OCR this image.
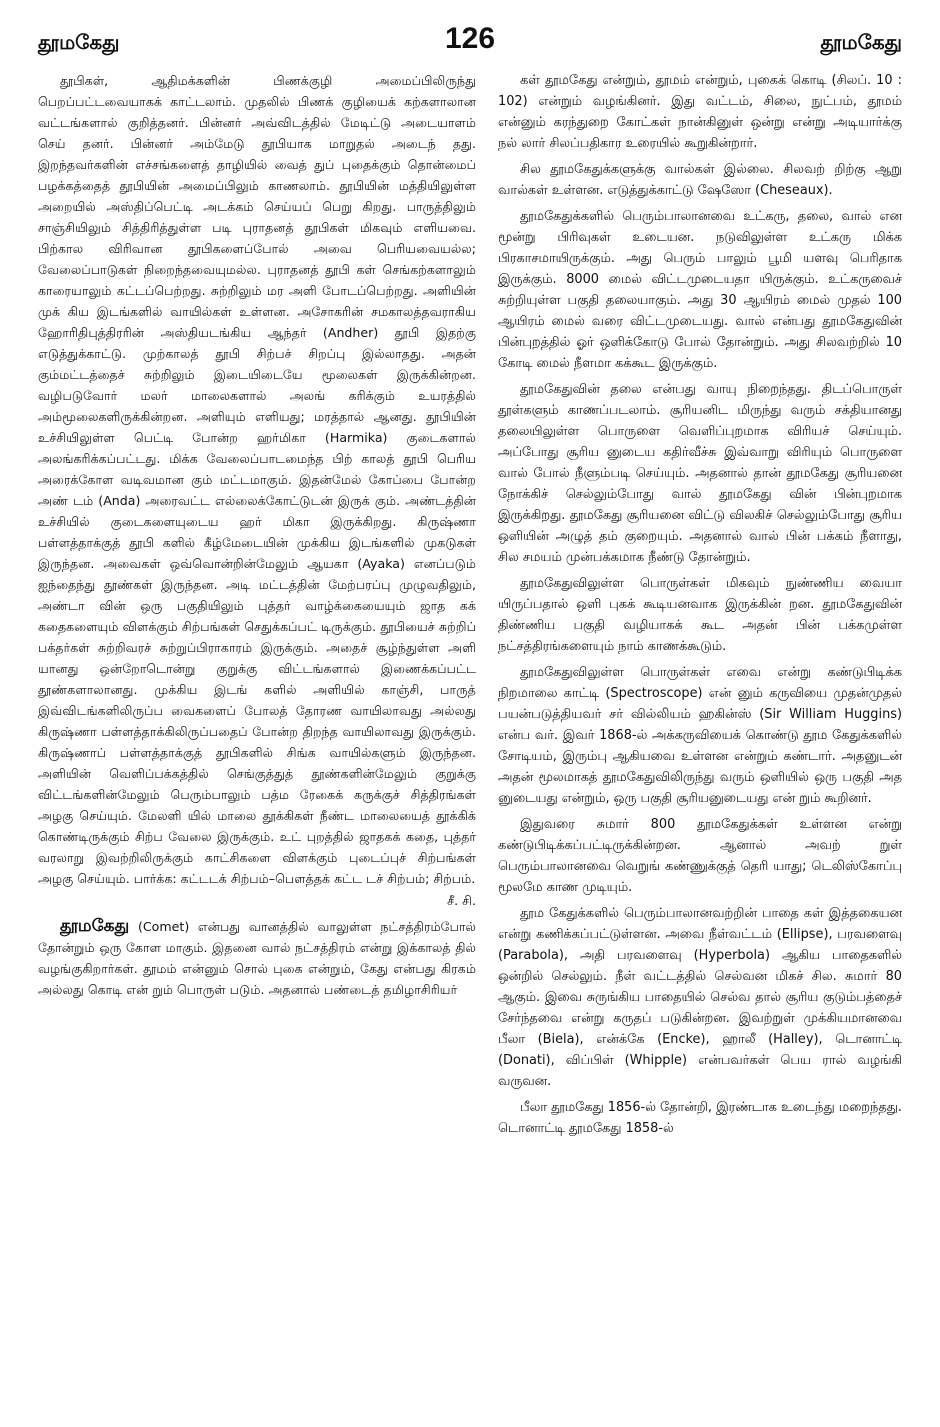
தூமகேது	126	தூமகேது

தூபிகள், ஆதிமக்களின் பிணக்குழி அமைப்பிலிருந்து பெறப்பட்டவையாகக் காட்டலாம். முதலில் பிணக் குழியைக் கற்களாலான வட்டங்களால் குறித்தனர். பின்னர் அவ்விடத்தில் மேடிட்டு அடையாளம் செய் தனர். பின்னர் அம்மேடு தூபியாக மாறுதல் அடைந் தது. இறந்தவர்களின் எச்சங்களைத் தாழியில் வைத் துப் புதைக்கும் தொன்மைப் பழக்கத்தைத் தூபியின் அமைப்பிலும் காணலாம். தூபியின் மத்தியிலுள்ள அறையில் அஸ்திப்பெட்டி அடக்கம் செய்யப் பெறு கிறது. பாருத்திலும் சாஞ்சியிலும் சித்திரித்துள்ள படி புராதனத் தூபிகள் மிகவும் எளியவை. பிற்கால விரிவான தூபிகளைப்போல் அவை பெரியவையல்ல; வேலைப்பாடுகள் நிறைந்தவையுமல்ல. புராதனத் தூபி கள் செங்கற்களாலும் காரையாலும் கட்டப்பெற்றது. சுற்றிலும் மர அளி போடப்பெற்றது. அளியின் முக் கிய இடங்களில் வாயில்கள் உள்ளன. அசோகரின் சமகாலத்தவராகிய ஹோரிதிபுத்திரரின் அஸ்தியடங்கிய ஆந்தர் (Andher) தூபி இதற்கு எடுத்துக்காட்டு. முற்காலத் தூபி சிற்பச் சிறப்பு இல்லாதது. அதன் கும்மட்டத்தைச் சுற்றிலும் இடையிடையே மூலைகள் இருக்கின்றன. வழிபடுவோர் மலர் மாலைகளால் அலங் கரிக்கும் உயரத்தில் அம்மூலைகளிருக்கின்றன. அளியும் எளியது; மரத்தால் ஆனது. தூபியின் உச்சியிலுள்ள பெட்டி போன்ற ஹர்மிகா (Harmika) குடைகளால் அலங்கரிக்கப்பட்டது. மிக்க வேலைப்பாடமைந்த பிற் காலத் தூபி பெரிய அரைக்கோள வடிவமான கும் மட்டமாகும். இதன்மேல் கோப்பை போன்ற அண் டம் (Anda) அரைவட்ட எல்லைக்கோட்டுடன் இருக் கும். அண்டத்தின் உச்சியில் குடைகளையுடைய ஹர் மிகா இருக்கிறது. கிருஷ்ணா பள்ளத்தாக்குத் தூபி களில் கீழ்மேடையின் முக்கிய இடங்களில் முகடுகள் இருந்தன. அவைகள் ஒவ்வொன்றின்மேலும் ஆயகா (Ayaka) எனப்படும் ஐந்தைந்து தூண்கள் இருந்தன. அடி மட்டத்தின் மேற்பரப்பு முழுவதிலும், அண்டா வின் ஒரு பகுதியிலும் புத்தர் வாழ்க்கையையும் ஜாத கக் கதைகளையும் விளக்கும் சிற்பங்கள் செதுக்கப்பட் டிருக்கும். தூபியைச் சுற்றிப் பக்தர்கள் சுற்றிவரச் சுற்றுப்பிராகாரம் இருக்கும். அதைச் சூழ்ந்துள்ள அளி யானது ஒன்றோடொன்று குறுக்கு விட்டங்களால் இணைக்கப்பட்ட தூண்களாலானது. முக்கிய இடங் களில் அளியில் காஞ்சி, பாருத் இவ்விடங்களிலிருப்ப வைகளைப் போலத் தோரண வாயிலாவது அல்லது கிருஷ்ணா பள்ளத்தாக்கிலிருப்பதைப் போன்ற திறந்த வாயிலாவது இருக்கும். கிருஷ்ணாப் பள்ளத்தாக்குத் தூபிகளில் சிங்க வாயில்களும் இருந்தன. அளியின் வெளிப்பக்கத்தில் செங்குத்துத் தூண்களின்மேலும் குறுக்கு விட்டங்களின்மேலும் பெரும்பாலும் பத்ம ரேகைக் கருக்குச் சித்திரங்கள் அழகு செய்யும். மேலளி யில் மாலை தூக்கிகள் நீண்ட மாலையைத் தூக்கிக் கொண்டிருக்கும் சிற்ப வேலை இருக்கும். உட் புறத்தில் ஜாதகக் கதை, புத்தர் வரலாறு இவற்றிலிருக்கும் காட்சிகளை விளக்கும் புடைப்புச் சிற்பங்கள் அழகு செய்யும். பார்க்க: கட்டடக் சிற்பம்–பௌத்தக் கட்ட டச் சிற்பம்; சிற்பம்.

சீ. சி.

தூமகேது (Comet) என்பது வானத்தில் வாலுள்ள நட்சத்திரம்போல் தோன்றும் ஒரு கோள மாகும். இதனை வால் நட்சத்திரம் என்று இக்காலத் தில் வழங்குகிறார்கள். தூமம் என்னும் சொல் புகை என்றும், கேது என்பது கிரகம் அல்லது கொடி என் றும் பொருள் படும். அதனால் பண்டைத் தமிழாசிரியர்

கள் தூமகேது என்றும், தூமம் என்றும், புகைக் கொடி (சிலப். 10 : 102) என்றும் வழங்கினர். இது வட்டம், சிலை, நுட்பம், தூமம் என்னும் கரந்துறை கோட்கள் நான்கினுள் ஒன்று என்று அடியார்க்கு நல் லார் சிலப்பதிகார உரையில் கூறுகின்றார்.

சில தூமகேதுக்களுக்கு வால்கள் இல்லை. சிலவற் றிற்கு ஆறு வால்கள் உள்ளன. எடுத்துக்காட்டு ஷேஸோ (Cheseaux).

தூமகேதுக்களில் பெரும்பாலானவை உட்கரு, தலை, வால் என மூன்று பிரிவுகள் உடையன. நடுவிலுள்ள உட்கரு மிக்க பிரகாசமாயிருக்கும். அது பெரும் பாலும் பூமி யளவு பெரிதாக இருக்கும். 8000 மைல் விட்டமுடையதா யிருக்கும். உட்கருவைச் சுற்றியுள்ள பகுதி தலையாகும். அது 30 ஆயிரம் மைல் முதல் 100 ஆயிரம் மைல் வரை விட்டமுடையது. வால் என்பது தூமகேதுவின் பின்புறத்தில் ஓர் ஒளிக்கோடு போல் தோன்றும். அது சிலவற்றில் 10 கோடி மைல் நீளமா கக்கூட இருக்கும்.

தூமகேதுவின் தலை என்பது வாயு நிறைந்தது. திடப்பொருள் தூள்களும் காணப்படலாம். சூரியனிட மிருந்து வரும் சக்தியானது தலையிலுள்ள பொருளை வெளிப்புறமாக விரியச் செய்யும். அப்போது சூரிய னுடைய கதிர்வீச்சு இவ்வாறு விரியும் பொருளை வால் போல் நீளும்படி செய்யும். அதனால் தான் தூமகேது சூரியனை நோக்கிச் செல்லும்போது வால் தூமகேது வின் பின்புறமாக இருக்கிறது. தூமகேது சூரியனை விட்டு விலகிச் செல்லும்போது சூரிய ஒளியின் அழுத் தம் குறையும். அதனால் வால் பின் பக்கம் நீளாது, சில சமயம் முன்பக்கமாக நீண்டு தோன்றும்.

தூமகேதுவிலுள்ள பொருள்கள் மிகவும் நுண்ணிய வையா யிருப்பதால் ஒளி புகக் கூடியனவாக இருக்கின் றன. தூமகேதுவின் திண்ணிய பகுதி வழியாகக் கூட அதன் பின் பக்கமுள்ள நட்சத்திரங்களையும் நாம் காணக்கூடும்.

தூமகேதுவிலுள்ள பொருள்கள் எவை என்று கண்டுபிடிக்க நிறமாலை காட்டி (Spectroscope) என் னும் கருவியை முதன்முதல் பயன்படுத்தியவர் சர் வில்லியம் ஹகின்ஸ் (Sir William Huggins) என்ப வர். இவர் 1868-ல் அக்கருவியைக் கொண்டு தூம கேதுக்களில் சோடியம், இரும்பு ஆகியவை உள்ளன என்றும் கண்டார். அதனுடன் அதன் மூலமாகத் தூமகேதுவிலிருந்து வரும் ஒளியில் ஒரு பகுதி அத னுடையது என்றும், ஒரு பகுதி சூரியனுடையது என் றும் கூறினர்.

இதுவரை சுமார் 800 தூமகேதுக்கள் உள்ளன என்று கண்டுபிடிக்கப்பட்டிருக்கின்றன. ஆனால் அவற் றுள் பெரும்பாலானவை வெறுங் கண்ணுக்குத் தெரி யாது; டெலிஸ்கோப்பு மூலமே காண முடியும்.

தூம கேதுக்களில் பெரும்பாலானவற்றின் பாதை கள் இத்தகையன என்று கணிக்கப்பட்டுள்ளன. அவை நீள்வட்டம் (Ellipse), பரவளைவு (Parabola), அதி பரவளைவு (Hyperbola) ஆகிய பாதைகளில் ஒன்றில் செல்லும். நீள் வட்டத்தில் செல்வன மிகச் சில. சுமார் 80 ஆகும். இவை சுருங்கிய பாதையில் செல்வ தால் சூரிய குடும்பத்தைச் சேர்ந்தவை என்று கருதப் படுகின்றன. இவற்றுள் முக்கியமானவை பீலா (Biela), என்க்கே (Encke), ஹாலீ (Halley), டொனாட்டி (Donati), விப்பிள் (Whipple) என்பவர்கள் பெய ரால் வழங்கி வருவன.

பீலா தூமகேது 1856-ல் தோன்றி, இரண்டாக உடைந்து மறைந்தது. டொனாட்டி தூமகேது 1858-ல்
